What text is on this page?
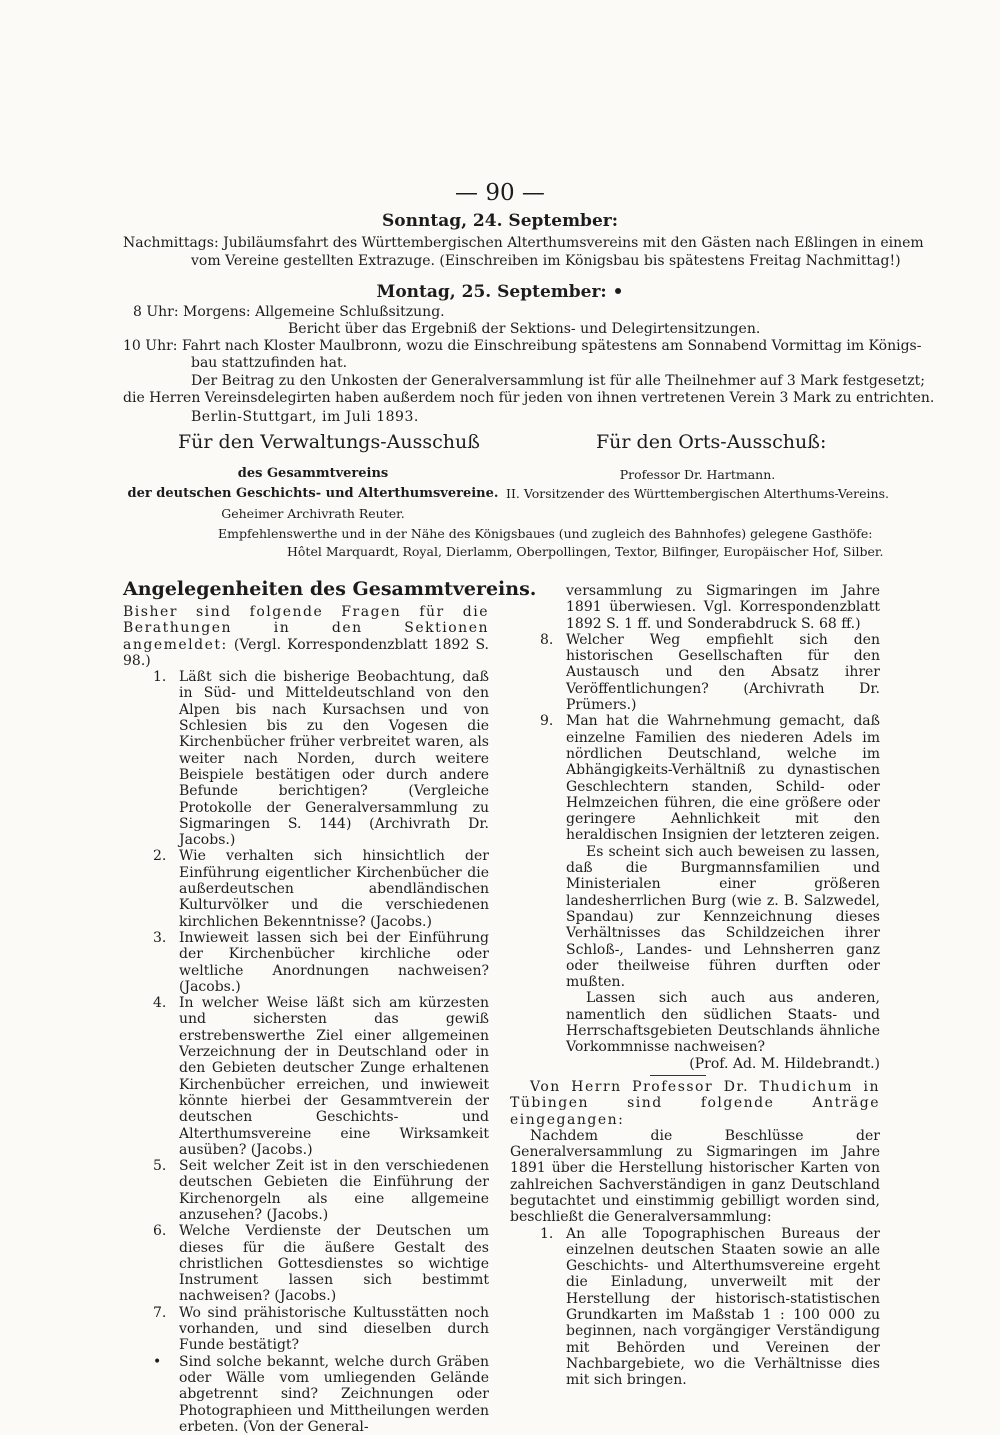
— 90 —
Sonntag, 24. September:
Nachmittags: Jubiläumsfahrt des Württembergischen Alterthumsvereins mit den Gästen nach Eßlingen in einem
vom Vereine gestellten Extrazuge. (Einschreiben im Königsbau bis spätestens Freitag Nachmittag!)
Montag, 25. September: •
8 Uhr: Morgens: Allgemeine Schlußsitzung.
Bericht über das Ergebniß der Sektions- und Delegirtensitzungen.
10 Uhr: Fahrt nach Kloster Maulbronn, wozu die Einschreibung spätestens am Sonnabend Vormittag im Königs-
bau stattzufinden hat.
Der Beitrag zu den Unkosten der Generalversammlung ist für alle Theilnehmer auf 3 Mark festgesetzt;
die Herren Vereinsdelegirten haben außerdem noch für jeden von ihnen vertretenen Verein 3 Mark zu entrichten.
Berlin-Stuttgart, im Juli 1893.
Für den Verwaltungs-Ausschuß
des Gesammtvereins
der deutschen Geschichts- und Alterthumsvereine.
Geheimer Archivrath Reuter.
Für den Orts-Ausschuß:
Professor Dr. Hartmann.
II. Vorsitzender des Württembergischen Alterthums-Vereins.
Empfehlenswerthe und in der Nähe des Königsbaues (und zugleich des Bahnhofes) gelegene Gasthöfe:
Hôtel Marquardt, Royal, Dierlamm, Oberpollingen, Textor, Bilfinger, Europäischer Hof, Silber.

Angelegenheiten des Gesammtvereins.

Bisher sind folgende Fragen für die Berathungen in den Sektionen angemeldet: (Vergl. Korrespondenzblatt 1892 S. 98.)

1. Läßt sich die bisherige Beobachtung, daß in Süd- und Mitteldeutschland von den Alpen bis nach Kursachsen und von Schlesien bis zu den Vogesen die Kirchenbücher früher verbreitet waren, als weiter nach Norden, durch weitere Beispiele bestätigen oder durch andere Befunde berichtigen? (Vergleiche Protokolle der Generalversammlung zu Sigmaringen S. 144) (Archivrath Dr. Jacobs.)
2. Wie verhalten sich hinsichtlich der Einführung eigentlicher Kirchenbücher die außerdeutschen abendländischen Kulturvölker und die verschiedenen kirchlichen Bekenntnisse? (Jacobs.)
3. Inwieweit lassen sich bei der Einführung der Kirchenbücher kirchliche oder weltliche Anordnungen nachweisen? (Jacobs.)
4. In welcher Weise läßt sich am kürzesten und sichersten das gewiß erstrebenswerthe Ziel einer allgemeinen Verzeichnung der in Deutschland oder in den Gebieten deutscher Zunge erhaltenen Kirchenbücher erreichen, und inwieweit könnte hierbei der Gesammtverein der deutschen Geschichts- und Alterthumsvereine eine Wirksamkeit ausüben? (Jacobs.)
5. Seit welcher Zeit ist in den verschiedenen deutschen Gebieten die Einführung der Kirchenorgeln als eine allgemeine anzusehen? (Jacobs.)
6. Welche Verdienste der Deutschen um dieses für die äußere Gestalt des christlichen Gottesdienstes so wichtige Instrument lassen sich bestimmt nachweisen? (Jacobs.)
7. Wo sind prähistorische Kultusstätten noch vorhanden, und sind dieselben durch Funde bestätigt?
•	Sind solche bekannt, welche durch Gräben oder Wälle vom umliegenden Gelände abgetrennt sind? Zeichnungen oder Photographieen und Mittheilungen werden erbeten. (Von der General-

versammlung zu Sigmaringen im Jahre 1891 überwiesen. Vgl. Korrespondenzblatt 1892 S. 1 ff. und Sonderabdruck S. 68 ff.)

8. Welcher Weg empfiehlt sich den historischen Gesellschaften für den Austausch und den Absatz ihrer Veröffentlichungen? (Archivrath Dr. Prümers.)
9. Man hat die Wahrnehmung gemacht, daß einzelne Familien des niederen Adels im nördlichen Deutschland, welche im Abhängigkeits-Verhältniß zu dynastischen Geschlechtern standen, Schild- oder Helmzeichen führen, die eine größere oder geringere Aehnlichkeit mit den heraldischen Insignien der letzteren zeigen.

Es scheint sich auch beweisen zu lassen, daß die Burgmannsfamilien und Ministerialen einer größeren landesherrlichen Burg (wie z. B. Salzwedel, Spandau) zur Kennzeichnung dieses Verhältnisses das Schildzeichen ihrer Schloß-, Landes- und Lehnsherren ganz oder theilweise führen durften oder mußten.

Lassen sich auch aus anderen, namentlich den südlichen Staats- und Herrschaftsgebieten Deutschlands ähnliche Vorkommnisse nachweisen?

(Prof. Ad. M. Hildebrandt.)

Von Herrn Professor Dr. Thudichum in Tübingen sind folgende Anträge eingegangen:

Nachdem die Beschlüsse der Generalversammlung zu Sigmaringen im Jahre 1891 über die Herstellung historischer Karten von zahlreichen Sachverständigen in ganz Deutschland begutachtet und einstimmig gebilligt worden sind, beschließt die Generalversammlung:

1. An alle Topographischen Bureaus der einzelnen deutschen Staaten sowie an alle Geschichts- und Alterthumsvereine ergeht die Einladung, unverweilt mit der Herstellung der historisch-statistischen Grundkarten im Maßstab 1 : 100 000 zu beginnen, nach vorgängiger Verständigung mit Behörden und Vereinen der Nachbargebiete, wo die Verhältnisse dies mit sich bringen.
